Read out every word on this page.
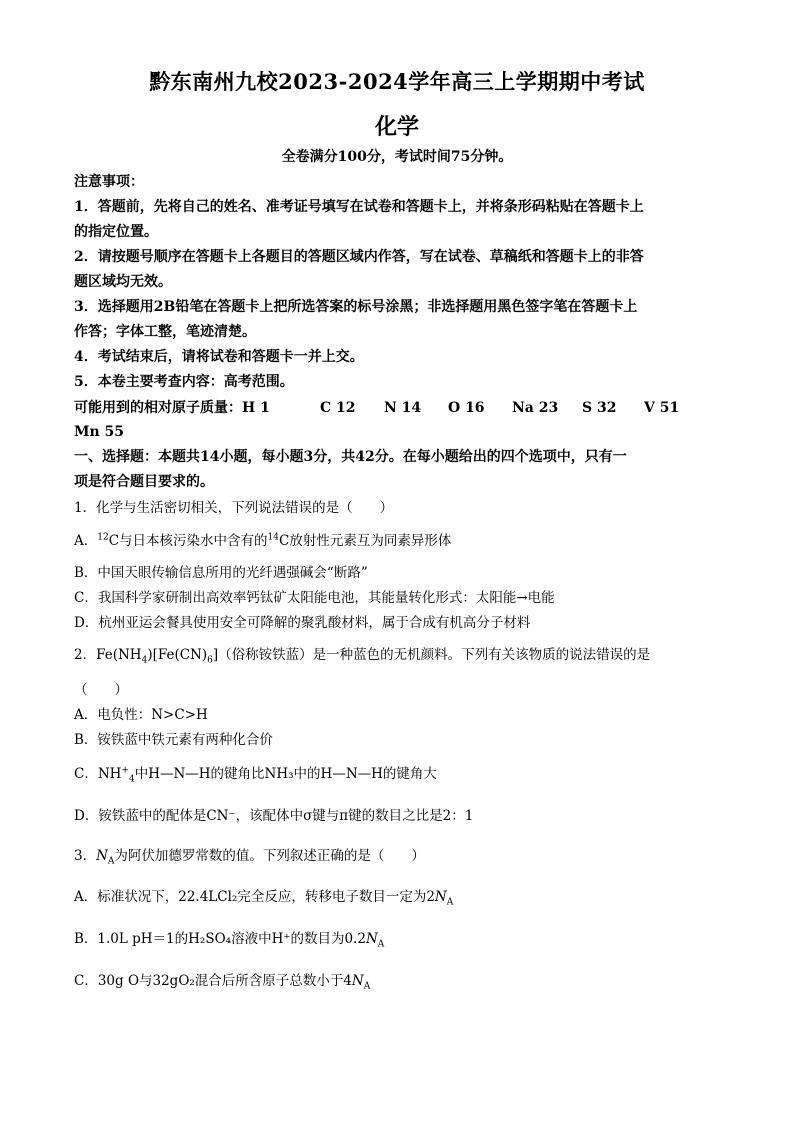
黔东南州九校2023-2024学年高三上学期期中考试
化学
全卷满分100分，考试时间75分钟。
注意事项：
1．答题前，先将自己的姓名、准考证号填写在试卷和答题卡上，并将条形码粘贴在答题卡上
的指定位置。
2．请按题号顺序在答题卡上各题目的答题区域内作答，写在试卷、草稿纸和答题卡上的非答
题区域均无效。
3．选择题用2B铅笔在答题卡上把所选答案的标号涂黑；非选择题用黑色签字笔在答题卡上
作答；字体工整，笔迹清楚。
4．考试结束后，请将试卷和答题卡一并上交。
5．本卷主要考查内容：高考范围。
可能用到的相对原子质量：H 1	C 12 N 14 O 16 Na 23 S 32 V 51
Mn 55
一、选择题：本题共14小题，每小题3分，共42分。在每小题给出的四个选项中，只有一
项是符合题目要求的。
1．化学与生活密切相关，下列说法错误的是（　　）
A．$^{12}$C与日本核污染水中含有的$^{14}$C放射性元素互为同素异形体
B．中国天眼传输信息所用的光纤遇强碱会“断路”
C．我国科学家研制出高效率钙钛矿太阳能电池，其能量转化形式：太阳能→电能
D．杭州亚运会餐具使用安全可降解的聚乳酸材料，属于合成有机高分子材料
2．$Fe(NH_4)[Fe(CN)_6]$（俗称铵铁蓝）是一种蓝色的无机颜料。下列有关该物质的说法错误的是
（　　）
A．电负性：N>C>H
B．铵铁蓝中铁元素有两种化合价
C．$NH^+_4$中H—N—H的键角比NH₃中的H—N—H的键角大
D．铵铁蓝中的配体是CN⁻，该配体中σ键与π键的数目之比是2：1
3．$N_A$为阿伏加德罗常数的值。下列叙述正确的是（　　）
A．标准状况下，22.4LCl₂完全反应，转移电子数目一定为$2N_A$
B．1.0L pH＝1的H₂SO₄溶液中H⁺的数目为$0.2N_A$
C．30g O与32gO₂混合后所含原子总数小于$4N_A$
